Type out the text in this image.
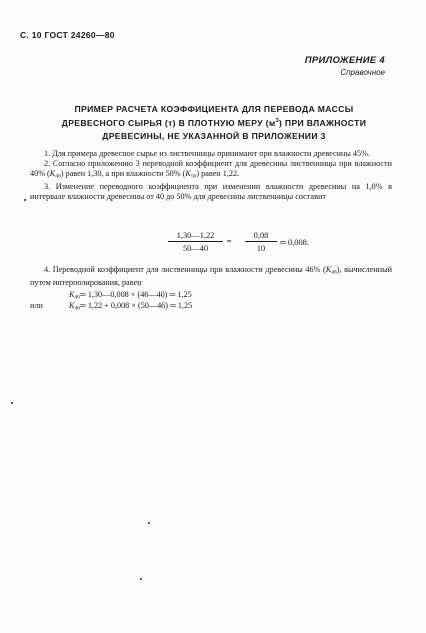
С. 10 ГОСТ 24260—80
ПРИЛОЖЕНИЕ 4
Справочное
ПРИМЕР РАСЧЕТА КОЭФФИЦИЕНТА ДЛЯ ПЕРЕВОДА МАССЫ
ДРЕВЕСНОГО СЫРЬЯ (т) В ПЛОТНУЮ МЕРУ $(м^3)$ ПРИ ВЛАЖНОСТИ
ДРЕВЕСИНЫ, НЕ УКАЗАННОЙ В ПРИЛОЖЕНИИ 3

1. Для примера древесное сырье из лиственницы принимают при влажности древесины 45%.

2. Согласно приложению 3 переводной коэффициент для древесины лиственницы при влажности 40% $(K_{40})$ равен 1,30, а при влажности 50% $(K_{50})$ равен 1,22.

3. Изменение переводного коэффициента при изменении влажности древесины на 1,0% в интервале влажности древесины от 40 до 50% для древесины лиственницы составит

$\frac{1,30—1,22}{50—40}$ ═ $\frac{0,08}{10}$ ═ 0,008.

4. Переводной коэффициент для лиственницы при влажности древесины 46% $(K_{46})$, вычисленный путем интерполирования, равен

$K_{46}═$ 1,30—0,008 × (46—40) ═ 1,25
или	$K_{46}═$ 1,22 + 0,008 × (50—46) ═ 1,25
